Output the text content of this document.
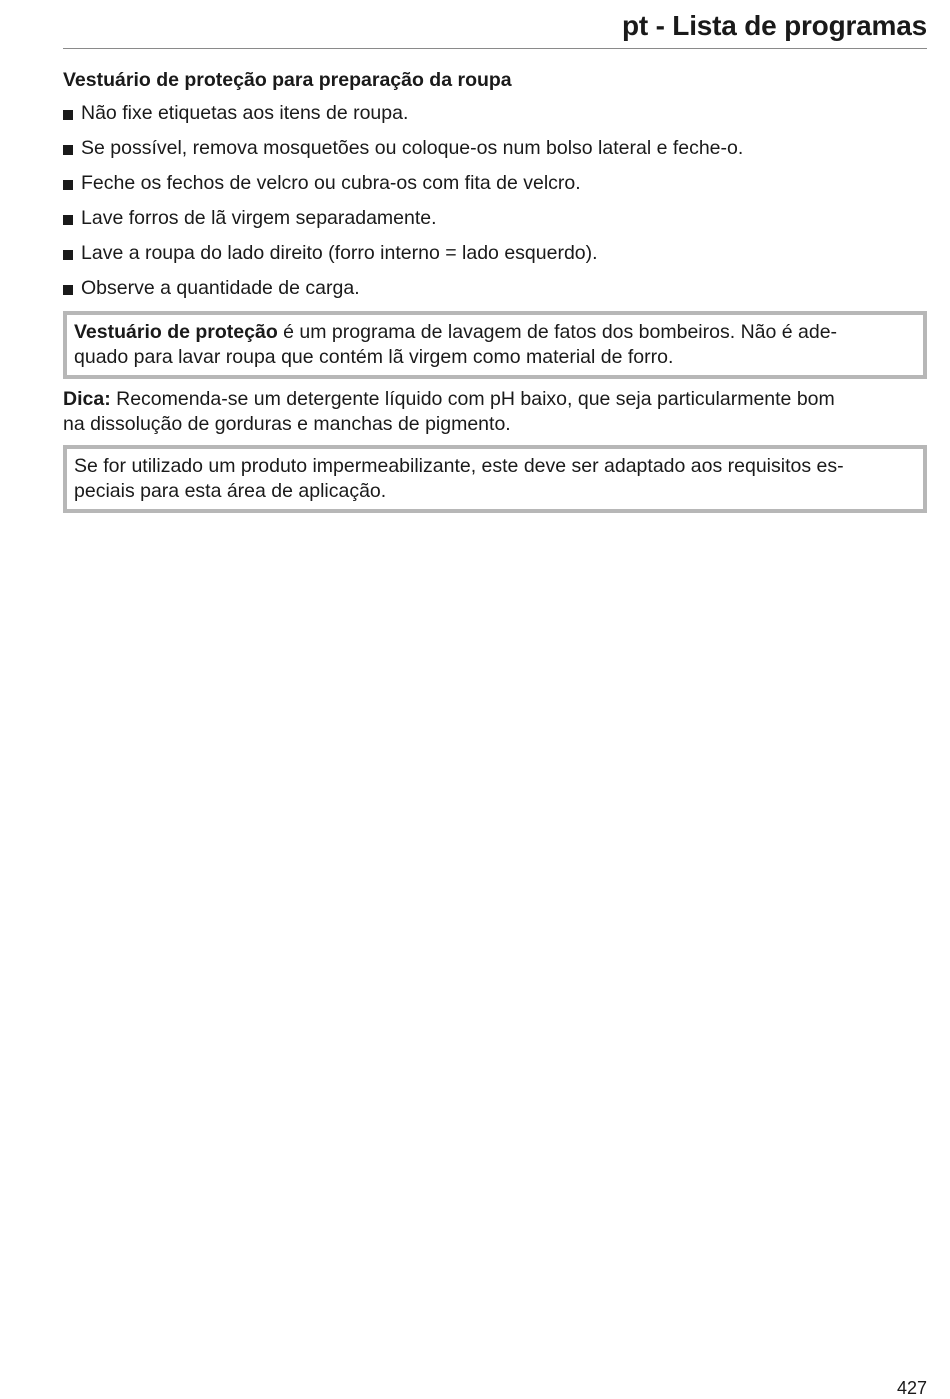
pt - Lista de programas
Vestuário de proteção para preparação da roupa
Não fixe etiquetas aos itens de roupa.
Se possível, remova mosquetões ou coloque-os num bolso lateral e feche-o.
Feche os fechos de velcro ou cubra-os com fita de velcro.
Lave forros de lã virgem separadamente.
Lave a roupa do lado direito (forro interno = lado esquerdo).
Observe a quantidade de carga.
Vestuário de proteção é um programa de lavagem de fatos dos bombeiros. Não é ade-
quado para lavar roupa que contém lã virgem como material de forro.
Dica: Recomenda-se um detergente líquido com pH baixo, que seja particularmente bom
na dissolução de gorduras e manchas de pigmento.
Se for utilizado um produto impermeabilizante, este deve ser adaptado aos requisitos es-
peciais para esta área de aplicação.
427
